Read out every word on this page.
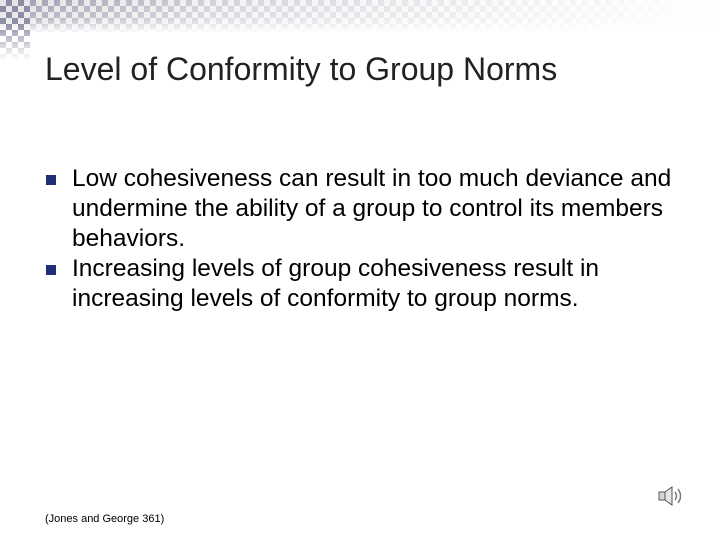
Level of Conformity to Group Norms
Low cohesiveness can result in too much deviance and undermine the ability of a group to control its members behaviors.
Increasing levels of group cohesiveness result in increasing levels of conformity to group norms.
(Jones and George 361)
